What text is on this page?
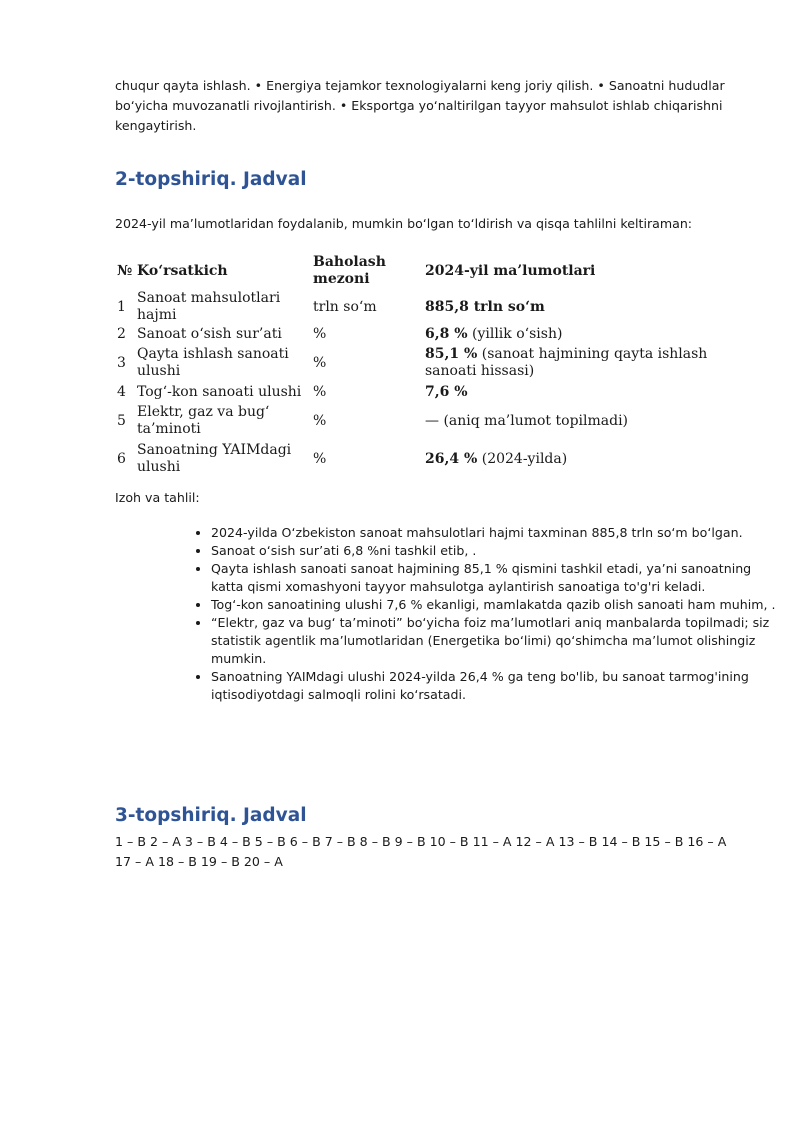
chuqur qayta ishlash. • Energiya tejamkor texnologiyalarni keng joriy qilish. • Sanoatni hududlar bo‘yicha muvozanatli rivojlantirish. • Eksportga yo‘naltirilgan tayyor mahsulot ishlab chiqarishni kengaytirish.
2-topshiriq. Jadval
2024-yil ma’lumotlaridan foydalanib, mumkin bo‘lgan to‘ldirish va qisqa tahlilni keltiraman:
№	Ko‘rsatkich	Baholash mezoni	2024-yil ma’lumotlari
1	Sanoat mahsulotlari hajmi	trln so‘m	885,8 trln so‘m
2	Sanoat o‘sish sur’ati	%	6,8 % (yillik o‘sish)
3	Qayta ishlash sanoati ulushi	%	85,1 % (sanoat hajmining qayta ishlash sanoati hissasi)
4	Tog‘-kon sanoati ulushi	%	7,6 %
5	Elektr, gaz va bug‘ ta’minoti	%	— (aniq ma’lumot topilmadi)
6	Sanoatning YAIMdagi ulushi	%	26,4 % (2024-yilda)
Izoh va tahlil:
• 2024-yilda O‘zbekiston sanoat mahsulotlari hajmi taxminan 885,8 trln so‘m bo‘lgan.
• Sanoat o‘sish sur’ati 6,8 %ni tashkil etib, .
• Qayta ishlash sanoati sanoat hajmining 85,1 % qismini tashkil etadi, ya’ni sanoatning katta qismi xomashyoni tayyor mahsulotga aylantirish sanoatiga to'g'ri keladi.
• Tog‘-kon sanoatining ulushi 7,6 % ekanligi, mamlakatda qazib olish sanoati ham muhim, .
• “Elektr, gaz va bug‘ ta’minoti” bo‘yicha foiz ma’lumotlari aniq manbalarda topilmadi; siz statistik agentlik ma’lumotlaridan (Energetika bo‘limi) qo‘shimcha ma’lumot olishingiz mumkin.
• Sanoatning YAIMdagi ulushi 2024-yilda 26,4 % ga teng bo'lib, bu sanoat tarmog'ining iqtisodiyotdagi salmoqli rolini ko‘rsatadi.
3-topshiriq. Jadval
1 – B 2 – A 3 – B 4 – B 5 – B 6 – B 7 – B 8 – B 9 – B 10 – B 11 – A 12 – A 13 – B 14 – B 15 – B 16 – A 17 – A 18 – B 19 – B 20 – A
